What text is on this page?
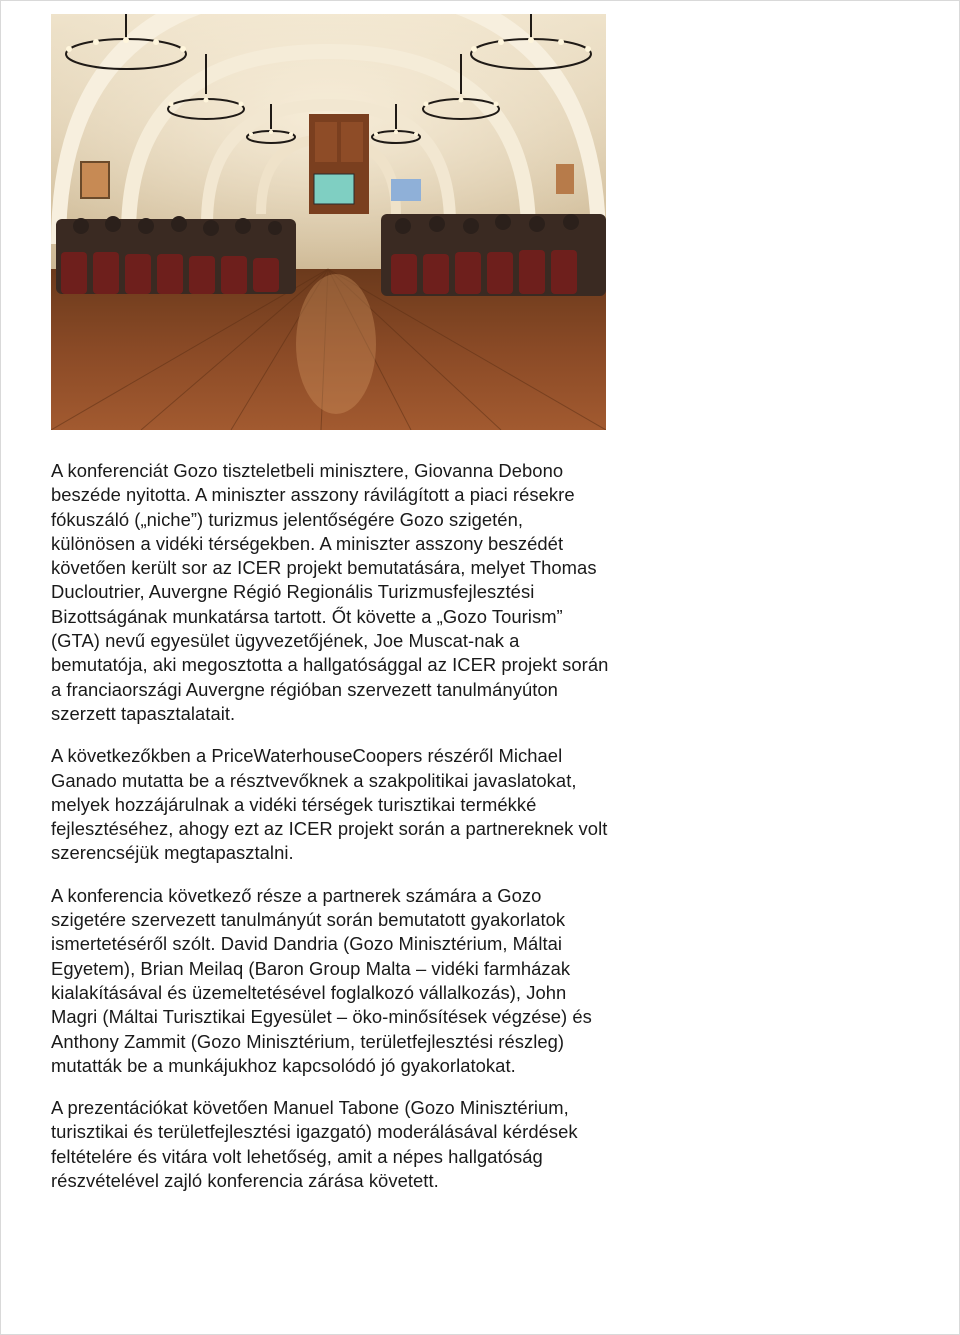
A konferenciát Gozo tiszteletbeli minisztere, Giovanna Debono beszéde nyitotta. A miniszter asszony rávilágított a piaci résekre fókuszáló („niche”) turizmus jelentőségére Gozo szigetén, különösen a vidéki térségekben. A miniszter asszony beszédét követően került sor az ICER projekt bemutatására, melyet Thomas Ducloutrier, Auvergne Régió Regionális Turizmusfejlesztési Bizottságának munkatársa tartott. Őt követte a „Gozo Tourism” (GTA) nevű egyesület ügyvezetőjének, Joe Muscat-nak a bemutatója, aki megosztotta a hallgatósággal az ICER projekt során a franciaországi Auvergne régióban szervezett tanulmányúton szerzett tapasztalatait.

A következőkben a PriceWaterhouseCoopers részéről Michael Ganado mutatta be a résztvevőknek a szakpolitikai javaslatokat, melyek hozzájárulnak a vidéki térségek turisztikai termékké fejlesztéséhez, ahogy ezt az ICER projekt során a partnereknek volt szerencséjük megtapasztalni.

A konferencia következő része a partnerek számára a Gozo szigetére szervezett tanulmányút során bemutatott gyakorlatok ismertetéséről szólt. David Dandria (Gozo Minisztérium, Máltai Egyetem), Brian Meilaq (Baron Group Malta – vidéki farmházak kialakításával és üzemeltetésével foglalkozó vállalkozás), John Magri (Máltai Turisztikai Egyesület – öko-minősítések végzése) és Anthony Zammit (Gozo Minisztérium, területfejlesztési részleg) mutatták be a munkájukhoz kapcsolódó jó gyakorlatokat.

A prezentációkat követően Manuel Tabone (Gozo Minisztérium, turisztikai és területfejlesztési igazgató) moderálásával kérdések feltételére és vitára volt lehetőség, amit a népes hallgatóság részvételével zajló konferencia zárása követett.
